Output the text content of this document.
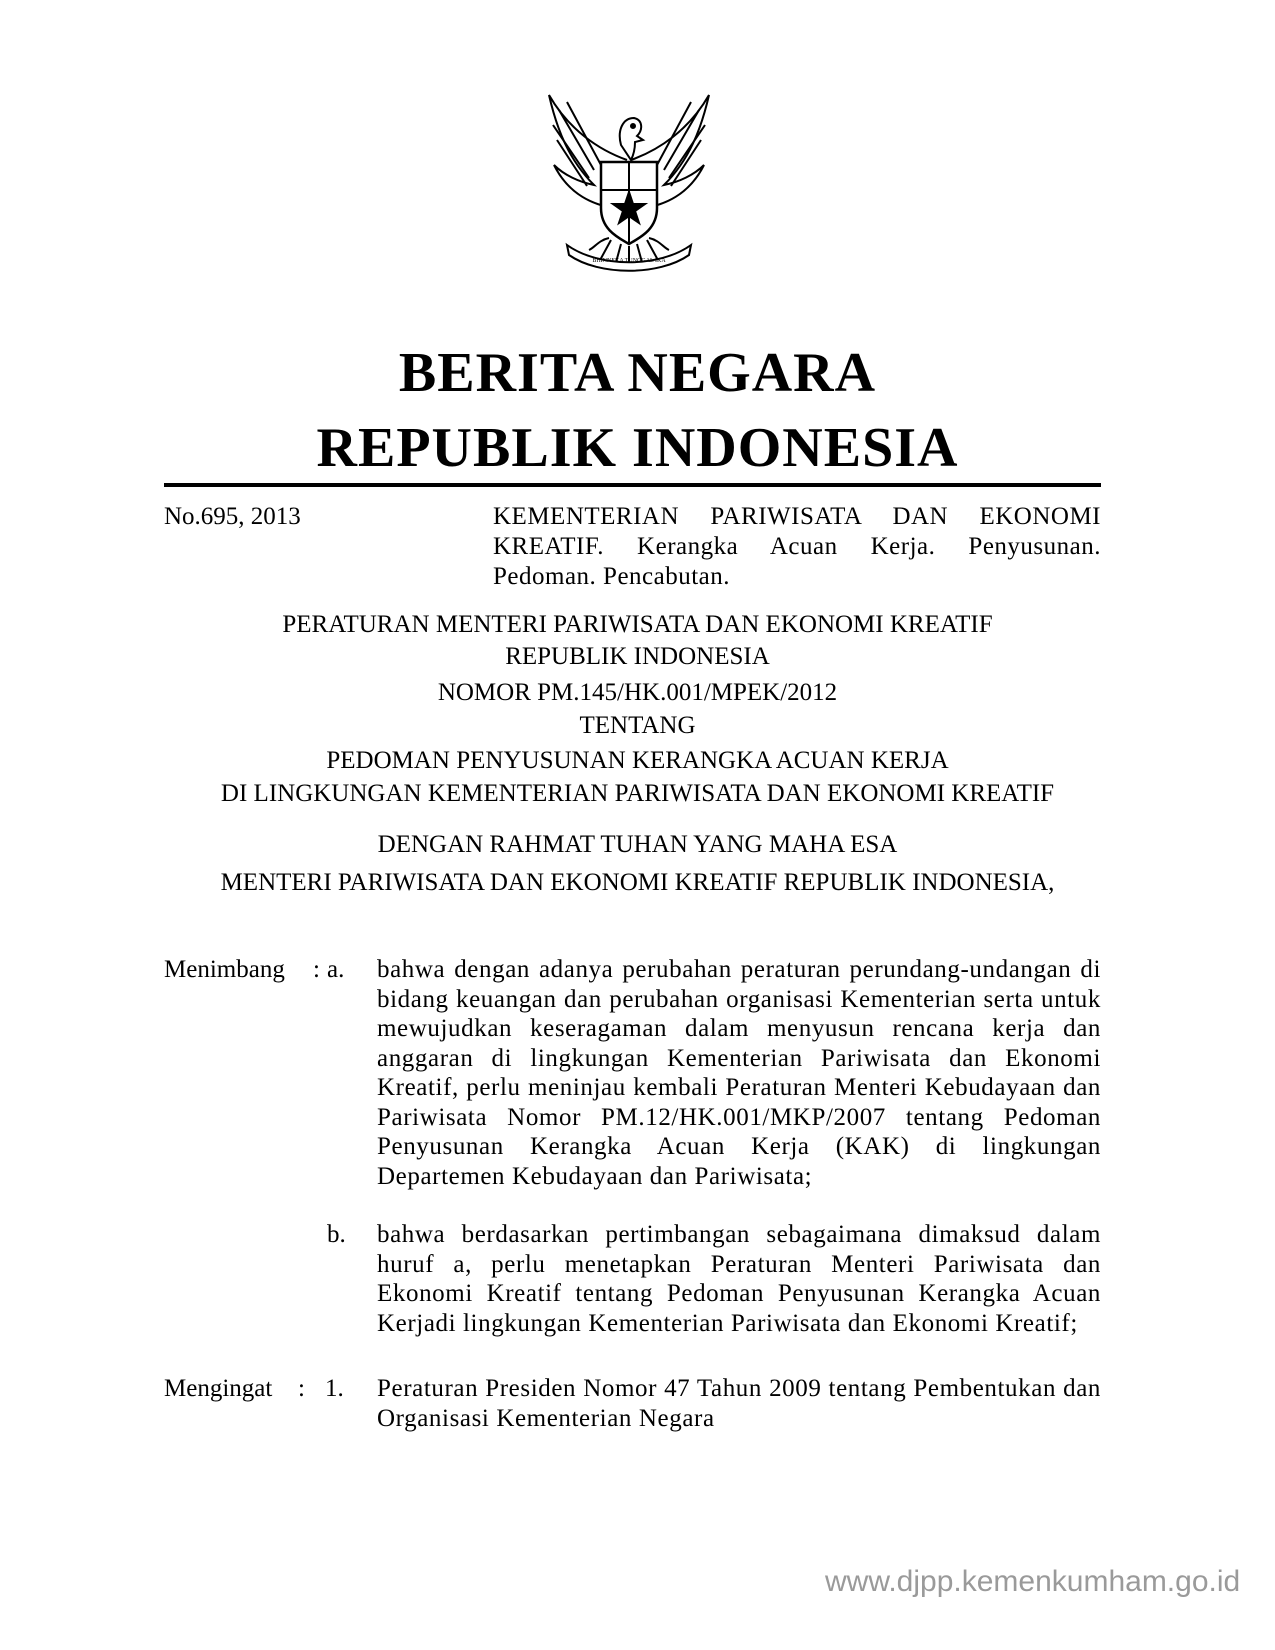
BHINNEKA TUNGGAL IKA
BERITA NEGARA
REPUBLIK INDONESIA
No.695, 2013	KEMENTERIAN PARIWISATA DAN EKONOMI KREATIF. Kerangka Acuan Kerja. Penyusunan. Pedoman. Pencabutan.
PERATURAN MENTERI PARIWISATA DAN EKONOMI KREATIF
REPUBLIK INDONESIA
NOMOR PM.145/HK.001/MPEK/2012
TENTANG
PEDOMAN PENYUSUNAN KERANGKA ACUAN KERJA
DI LINGKUNGAN KEMENTERIAN PARIWISATA DAN EKONOMI KREATIF
DENGAN RAHMAT TUHAN YANG MAHA ESA
MENTERI PARIWISATA DAN EKONOMI KREATIF REPUBLIK INDONESIA,
Menimbang : a. bahwa dengan adanya perubahan peraturan perundang-undangan di bidang keuangan dan perubahan organisasi Kementerian serta untuk mewujudkan keseragaman dalam menyusun rencana kerja dan anggaran di lingkungan Kementerian Pariwisata dan Ekonomi Kreatif, perlu meninjau kembali Peraturan Menteri Kebudayaan dan Pariwisata Nomor PM.12/HK.001/MKP/2007 tentang Pedoman Penyusunan Kerangka Acuan Kerja (KAK) di lingkungan Departemen Kebudayaan dan Pariwisata;
b. bahwa berdasarkan pertimbangan sebagaimana dimaksud dalam huruf a, perlu menetapkan Peraturan Menteri Pariwisata dan Ekonomi Kreatif tentang Pedoman Penyusunan Kerangka Acuan Kerjadi lingkungan Kementerian Pariwisata dan Ekonomi Kreatif;
Mengingat : 1. Peraturan Presiden Nomor 47 Tahun 2009 tentang Pembentukan dan Organisasi Kementerian Negara
www.djpp.kemenkumham.go.id
